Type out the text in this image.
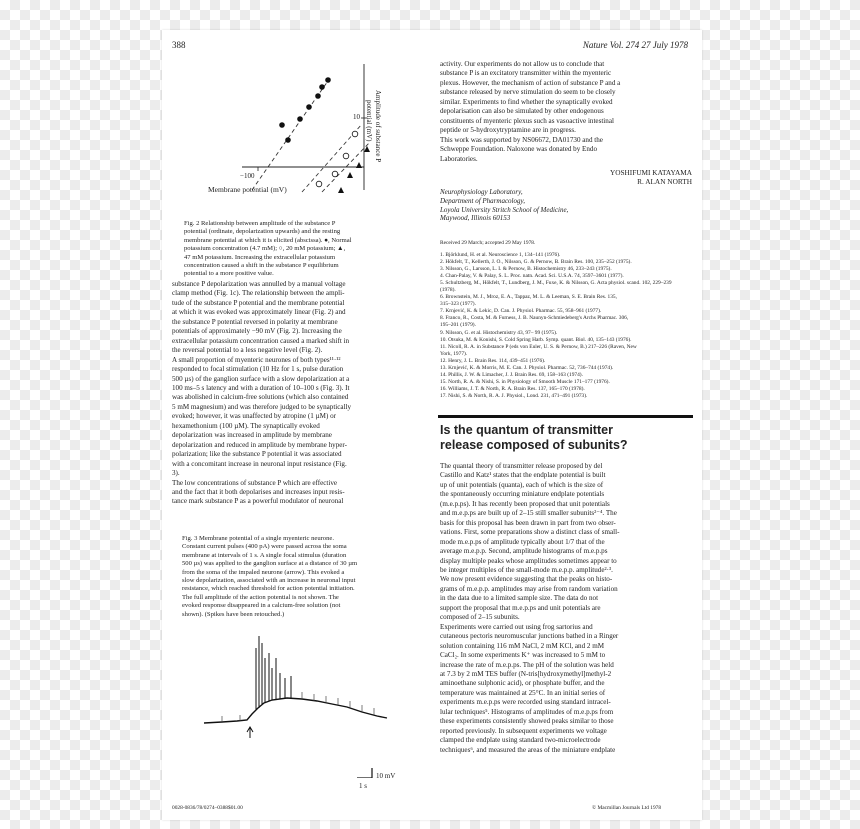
388	Nature Vol. 274 27 July 1978
−100
Membrane potential (mV)
10 Amplitude of substance P
potential (mV)
Fig. 2 Relationship between amplitude of the substance P
potential (ordinate, depolarization upwards) and the resting
membrane potential at which it is elicited (abscissa). ●, Normal
potassium concentration (4.7 mM); ○, 20 mM potassium; ▲,
47 mM potassium. Increasing the extracellular potassium
concentration caused a shift in the substance P equilibrium
potential to a more positive value.
substance P depolarization was annulled by a manual voltage
clamp method (Fig. 1c). The relationship between the ampli-
tude of the substance P potential and the membrane potential
at which it was evoked was approximately linear (Fig. 2) and
the substance P potential reversed in polarity at membrane
potentials of approximately −90 mV (Fig. 2). Increasing the
extracellular potassium concentration caused a marked shift in
the reversal potential to a less negative level (Fig. 2).
A small proportion of myenteric neurones of both types¹¹·¹²
responded to focal stimulation (10 Hz for 1 s, pulse duration
500 µs) of the ganglion surface with a slow depolarization at a
100 ms–5 s latency and with a duration of 10–100 s (Fig. 3). It
was abolished in calcium-free solutions (which also contained
5 mM magnesium) and was therefore judged to be synaptically
evoked; however, it was unaffected by atropine (1 µM) or
hexamethonium (100 µM). The synaptically evoked
depolarization was increased in amplitude by membrane
depolarization and reduced in amplitude by membrane hyper-
polarization; like the substance P potential it was associated
with a concomitant increase in neuronal input resistance (Fig.
3).
The low concentrations of substance P which are effective
and the fact that it both depolarises and increases input resis-
tance mark substance P as a powerful modulator of neuronal
Fig. 3 Membrane potential of a single myenteric neurone.
Constant current pulses (400 pA) were passed across the soma
membrane at intervals of 1 s. A single focal stimulus (duration
500 µs) was applied to the ganglion surface at a distance of 30 µm
from the soma of the impaled neurone (arrow). This evoked a
slow depolarization, associated with an increase in neuronal input
resistance, which reached threshold for action potential initiation.
The full amplitude of the action potential is not shown. The
evoked response disappeared in a calcium-free solution (not
shown). (Spikes have been retouched.)
10 mV
1 s
0028-0836/78/0274–0388$01.00
activity. Our experiments do not allow us to conclude that
substance P is an excitatory transmitter within the myenteric
plexus. However, the mechanism of action of substance P and a
substance released by nerve stimulation do seem to be closely
similar. Experiments to find whether the synaptically evoked
depolarisation can also be simulated by other endogenous
constituents of myenteric plexus such as vasoactive intestinal
peptide or 5-hydroxytryptamine are in progress.
This work was supported by NS06672, DA01730 and the
Schweppe Foundation. Naloxone was donated by Endo
Laboratories.
YOSHIFUMI KATAYAMA
R. ALAN NORTH
Neurophysiology Laboratory,
Department of Pharmacology,
Loyola University Stritch School of Medicine,
Maywood, Illinois 60153
Received 29 March; accepted 29 May 1978.
1. Björklund, H. et al. Neuroscience 1, 134–141 (1976).
2. Hökfelt, T., Kellerth, J. O., Nilsson, G. & Pernow, B. Brain Res. 100, 235–252 (1975).
3. Nilsson, G., Larsson, L. I. & Pernow, B. Histochemistry 46, 233–243 (1975).
4. Chan-Palay, V. & Palay, S. L. Proc. natn. Acad. Sci. U.S.A. 74, 3597–3601 (1977).
5. Schultzberg, M., Hökfelt, T., Lundberg, J. M., Fuxe, K. & Nilsson, G. Acta physiol. scand. 102, 229–239
(1978).
6. Brownstein, M. J., Mroz, E. A., Tappaz, M. L. & Leeman, S. E. Brain Res. 135,
315–323 (1977).
7. Krnjević, K. & Lekic, D. Can. J. Physiol. Pharmac. 55, 958–961 (1977).
8. Franco, R., Costa, M. & Furness, J. B. Naunyn-Schmiedeberg's Archs Pharmac. 306,
195–201 (1979).
9. Nilsson, G. et al. Histochemistry 43, 97– 99 (1975).
10. Otsuka, M. & Konishi, S. Cold Spring Harb. Symp. quant. Biol. 40, 135–143 (1976).
11. Nicoll, R. A. in Substance P (eds von Euler, U. S. & Pernow, B.) 217–226 (Raven, New
York, 1977).
12. Henry, J. L. Brain Res. 114, 439–451 (1976).
13. Krnjević, K. & Morris, M. E. Can. J. Physiol. Pharmac. 52, 736–744 (1974).
14. Phillis, J. W. & Limacher, J. J. Brain Res. 69, 158–163 (1974).
15. North, R. A. & Nishi, S. in Physiology of Smooth Muscle 171–177 (1976).
16. Williams, J. T. & North, R. A. Brain Res. 137, 165–170 (1978).
17. Nishi, S. & North, R. A. J. Physiol., Lond. 231, 471–491 (1973).
Is the quantum of transmitter
release composed of subunits?
The quantal theory of transmitter release proposed by del
Castillo and Katz¹ states that the endplate potential is built
up of unit potentials (quanta), each of which is the size of
the spontaneously occurring miniature endplate potentials
(m.e.p.ps). It has recently been proposed that unit potentials
and m.e.p.ps are built up of 2–15 still smaller subunits²⁻⁴. The
basis for this proposal has been drawn in part from two obser-
vations. First, some preparations show a distinct class of small-
mode m.e.p.ps of amplitude typically about 1/7 that of the
average m.e.p.p. Second, amplitude histograms of m.e.p.ps
display multiple peaks whose amplitudes sometimes appear to
be integer multiples of the small-mode m.e.p.p. amplitude²·³.
We now present evidence suggesting that the peaks on histo-
grams of m.e.p.p. amplitudes may arise from random variation
in the data due to a limited sample size. The data do not
support the proposal that m.e.p.ps and unit potentials are
composed of 2–15 subunits.
Experiments were carried out using frog sartorius and
cutaneous pectoris neuromuscular junctions bathed in a Ringer
solution containing 116 mM NaCl, 2 mM KCl, and 2 mM
CaCl₂. In some experiments K⁺ was increased to 5 mM to
increase the rate of m.e.p.ps. The pH of the solution was held
at 7.3 by 2 mM TES buffer (N-tris[hydroxymethyl]methyl-2
aminoethane sulphonic acid), or phosphate buffer, and the
temperature was maintained at 25°C. In an initial series of
experiments m.e.p.ps were recorded using standard intracel-
lular techniques⁵. Histograms of amplitudes of m.e.p.ps from
these experiments consistently showed peaks similar to those
reported previously. In subsequent experiments we voltage
clamped the endplate using standard two-microelectrode
techniques⁶, and measured the areas of the miniature endplate
© Macmillan Journals Ltd 1978
